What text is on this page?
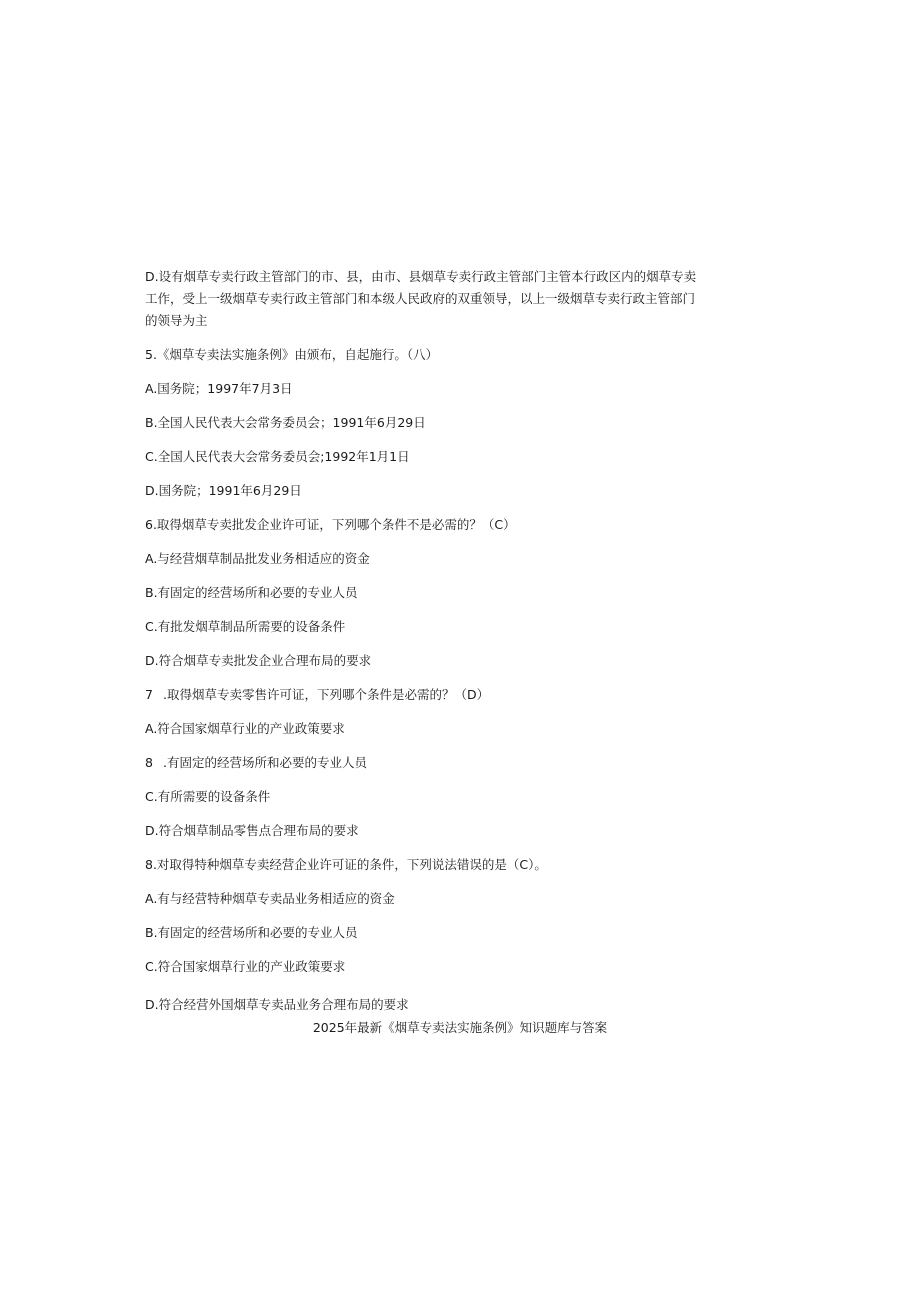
D.设有烟草专卖行政主管部门的市、县，由市、县烟草专卖行政主管部门主管本行政区内的烟草专卖

工作，受上一级烟草专卖行政主管部门和本级人民政府的双重领导，以上一级烟草专卖行政主管部门

的领导为主

5.《烟草专卖法实施条例》由颁布，自起施行。（八）

A.国务院；1997年7月3日

B.全国人民代表大会常务委员会；1991年6月29日

C.全国人民代表大会常务委员会;1992年1月1日

D.国务院；1991年6月29日

6.取得烟草专卖批发企业许可证，下列哪个条件不是必需的？（C）

A.与经营烟草制品批发业务相适应的资金

B.有固定的经营场所和必要的专业人员

C.有批发烟草制品所需要的设备条件

D.符合烟草专卖批发企业合理布局的要求

7 .取得烟草专卖零售许可证，下列哪个条件是必需的？（D）

A.符合国家烟草行业的产业政策要求

8 .有固定的经营场所和必要的专业人员

C.有所需要的设备条件

D.符合烟草制品零售点合理布局的要求

8.对取得特种烟草专卖经营企业许可证的条件，下列说法错误的是（C）。

A.有与经营特种烟草专卖品业务相适应的资金

B.有固定的经营场所和必要的专业人员

C.符合国家烟草行业的产业政策要求

D.符合经营外国烟草专卖品业务合理布局的要求

2025年最新《烟草专卖法实施条例》知识题库与答案
